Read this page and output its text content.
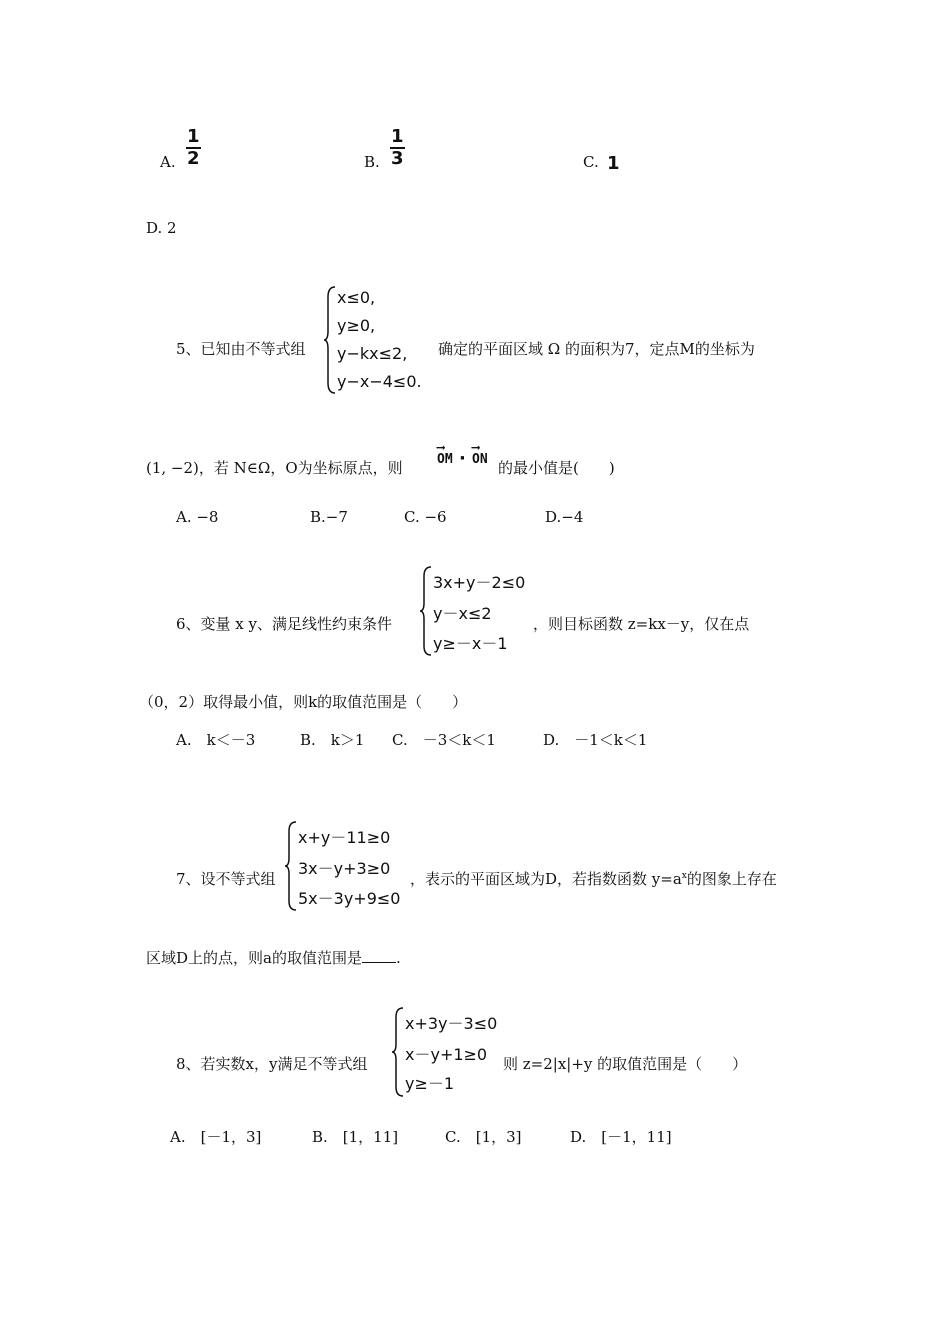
A.
1
2	B.
1
3	C. 1
D. 2
5、已知由不等式组
x≤0,
y≥0,
y−kx≤2,
y−x−4≤0.
确定的平面区域 Ω 的面积为7，定点M的坐标为
(1, −2)，若 N∈Ω，O为坐标原点，则
⟶
OM ·
⟶
ON 的最小值是(　　)
A. −8	B.−7	C. −6	D.−4
6、变量 x y、满足线性约束条件
3x+y－2≤0
y－x≤2
y≥－x－1
，则目标函数 z=kx－y，仅在点
（0，2）取得最小值，则k的取值范围是（　　）
A.　k＜－3	B.　k＞1 C.　－3＜k＜1	D.　－1＜k＜1
7、设不等式组
x+y－11≥0
3x－y+3≥0
5x－3y+9≤0
，表示的平面区域为D，若指数函数 $y=a^x$的图象上存在
区域D上的点，则a的取值范围是 .
8、若实数x，y满足不等式组
x+3y－3≤0
x－y+1≥0
y≥－1
则 z=2|x|+y 的取值范围是（　　）
A.　[－1，3]	B.　[1，11]	C.　[1，3]	D.　[－1，11]
